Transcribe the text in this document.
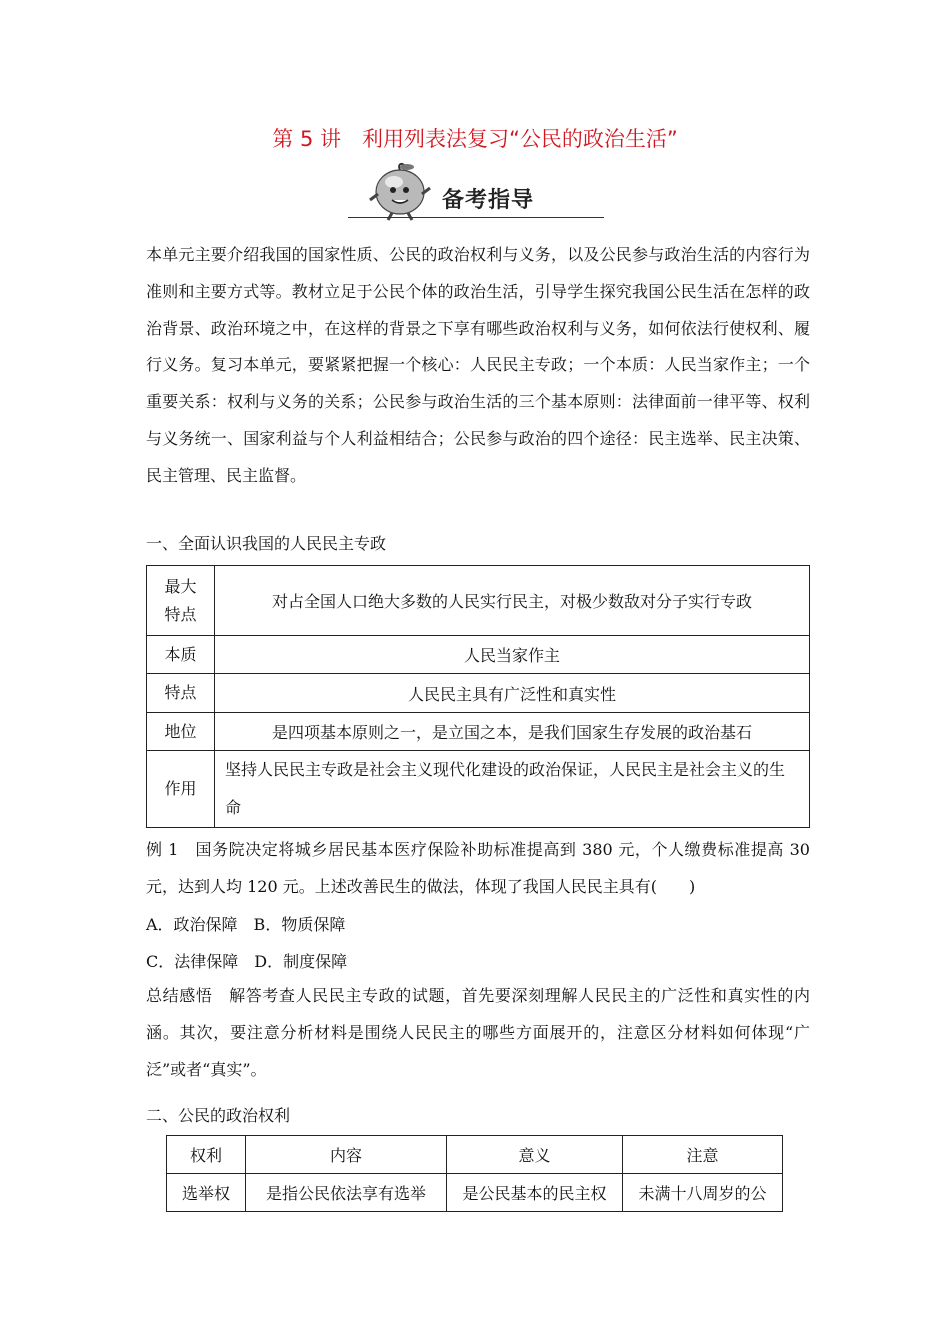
第 5 讲　利用列表法复习“公民的政治生活”
备考指导
本单元主要介绍我国的国家性质、公民的政治权利与义务，以及公民参与政治生活的内容行为准则和主要方式等。教材立足于公民个体的政治生活，引导学生探究我国公民生活在怎样的政治背景、政治环境之中，在这样的背景之下享有哪些政治权利与义务，如何依法行使权利、履行义务。复习本单元，要紧紧把握一个核心：人民民主专政；一个本质：人民当家作主；一个重要关系：权利与义务的关系；公民参与政治生活的三个基本原则：法律面前一律平等、权利与义务统一、国家利益与个人利益相结合；公民参与政治的四个途径：民主选举、民主决策、民主管理、民主监督。
一、全面认识我国的人民民主专政
最大特点	对占全国人口绝大多数的人民实行民主，对极少数敌对分子实行专政
本质	人民当家作主
特点	人民民主具有广泛性和真实性
地位	是四项基本原则之一，是立国之本，是我们国家生存发展的政治基石
作用	坚持人民民主专政是社会主义现代化建设的政治保证，人民民主是社会主义的生命
例 1　国务院决定将城乡居民基本医疗保险补助标准提高到 380 元，个人缴费标准提高 30 元，达到人均 120 元。上述改善民生的做法，体现了我国人民民主具有(　　)
A．政治保障　B．物质保障
C．法律保障　D．制度保障
总结感悟　解答考查人民民主专政的试题，首先要深刻理解人民民主的广泛性和真实性的内涵。其次，要注意分析材料是围绕人民民主的哪些方面展开的，注意区分材料如何体现“广泛”或者“真实”。
二、公民的政治权利
权利	内容	意义	注意
选举权	是指公民依法享有选举	是公民基本的民主权	未满十八周岁的公
